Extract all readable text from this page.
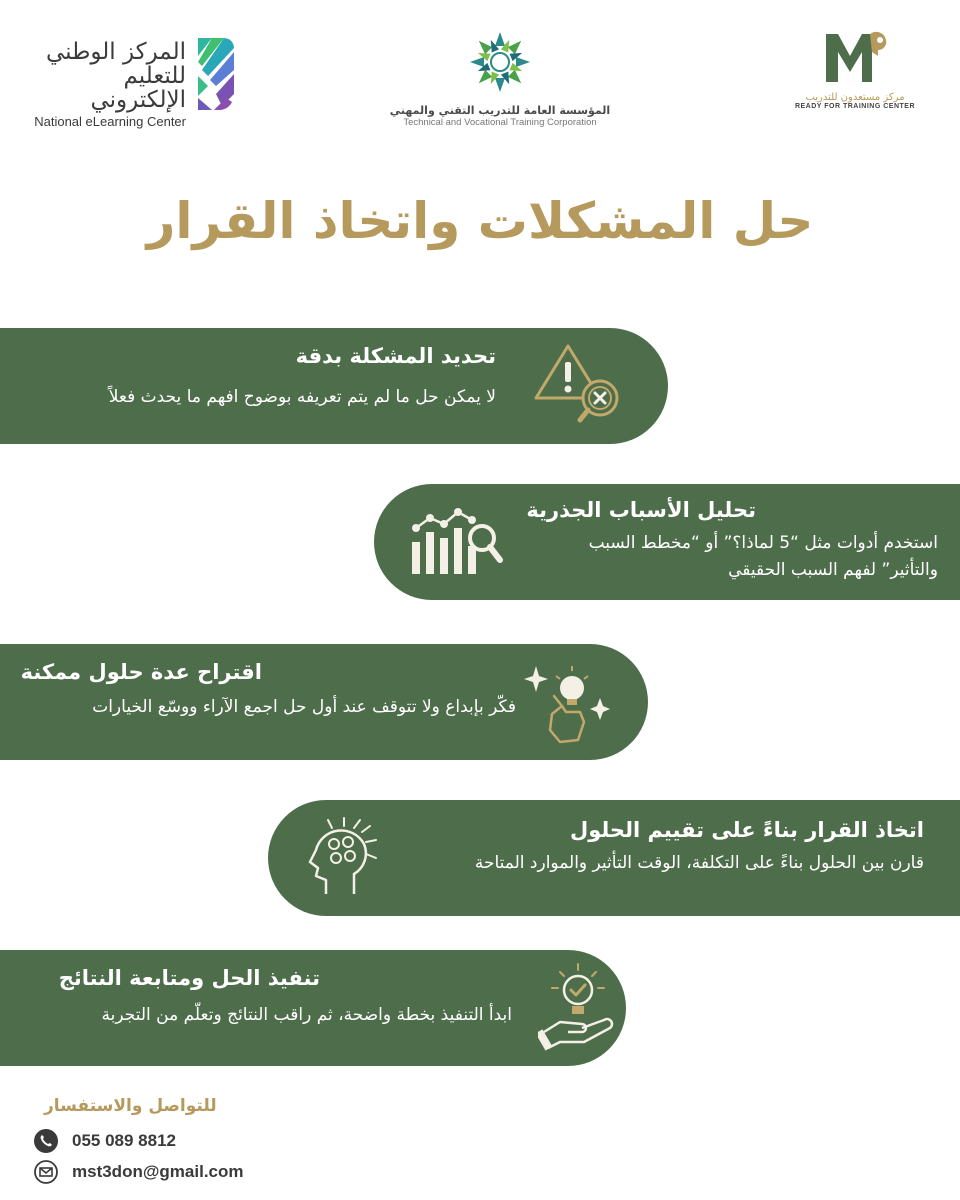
المركز الوطني
للتعليم الإلكتروني
National eLearning Center
المؤسسة العامة للتدريب التقني والمهني
Technical and Vocational Training Corporation
مركز مستعدون للتدريب
READY FOR TRAINING CENTER
حل المشكلات واتخاذ القرار
تحديد المشكلة بدقة

لا يمكن حل ما لم يتم تعريفه بوضوح افهم ما يحدث فعلاً

تحليل الأسباب الجذرية

استخدم أدوات مثل “5 لماذا؟” أو “مخطط السبب
والتأثير” لفهم السبب الحقيقي

اقتراح عدة حلول ممكنة

فكّر بإبداع ولا تتوقف عند أول حل اجمع الآراء ووسّع الخيارات

اتخاذ القرار بناءً على تقييم الحلول

قارن بين الحلول بناءً على التكلفة، الوقت التأثير والموارد المتاحة

تنفيذ الحل ومتابعة النتائج

ابدأ التنفيذ بخطة واضحة، ثم راقب النتائج وتعلّم من التجربة

للتواصل والاستفسار
055 089 8812
mst3don@gmail.com
